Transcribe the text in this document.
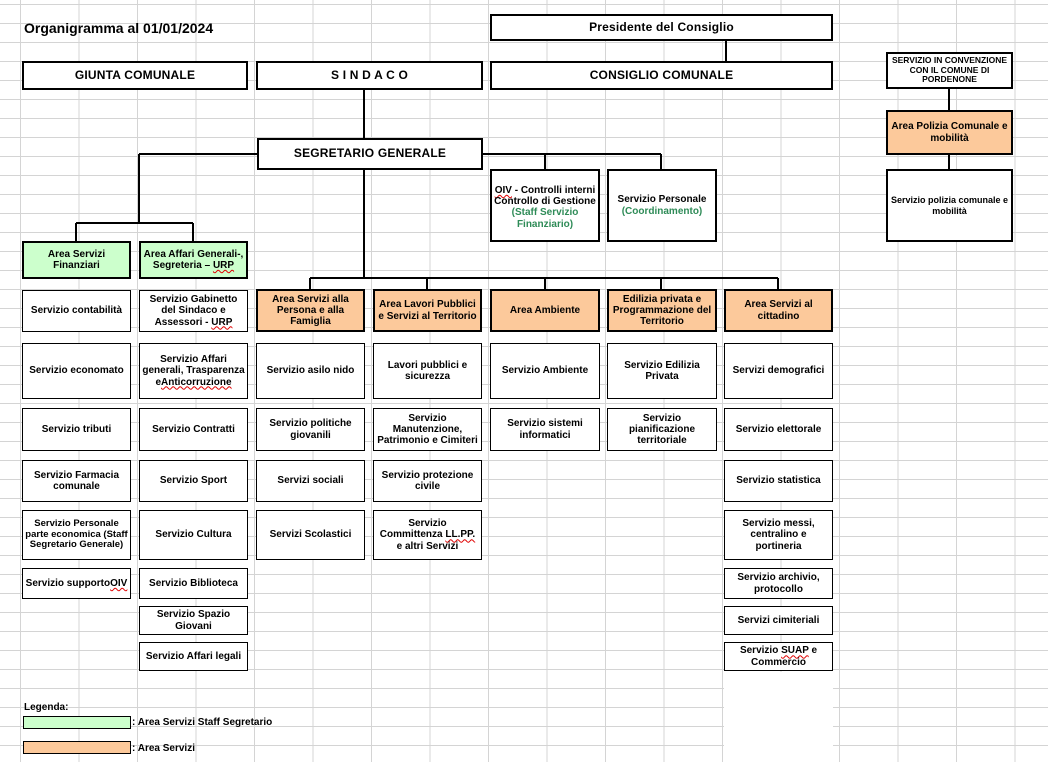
Organigramma al 01/01/2024	Presidente del Consiglio
GIUNTA COMUNALE	S I N D A C O	CONSIGLIO COMUNALE
SEGRETARIO GENERALE
SERVIZIO IN CONVENZIONE CON IL COMUNE DI PORDENONE
Area Polizia Comunale e mobilità
Servizio polizia comunale e mobilità
OIV - Controlli interni
Controllo di Gestione
(Staff Servizio Finanziario)
Servizio Personale (Coordinamento)
Area Servizi Finanziari
Servizio contabilità
Servizio economato
Servizio tributi
Servizio Farmacia comunale
Servizio Personale parte economica (Staff Segretario Generale)
Servizio supportoOIV
Area Affari Generali-, Segreteria – URP
Servizio Gabinetto del Sindaco e Assessori - URP
Servizio Affari generali, Trasparenza eAnticorruzione
Servizio Contratti
Servizio Sport
Servizio Cultura
Servizio Biblioteca
Servizio Spazio Giovani
Servizio Affari legali
Area Servizi alla Persona e alla Famiglia
Servizio asilo nido
Servizio politiche giovanili
Servizi sociali
Servizi Scolastici
Area Lavori Pubblici e Servizi al Territorio
Lavori pubblici e sicurezza
Servizio Manutenzione, Patrimonio e Cimiteri
Servizio protezione civile
Servizio Committenza LL.PP. e altri Servizi
Area Ambiente
Servizio Ambiente
Servizio sistemi informatici
Edilizia privata e Programmazione del Territorio
Servizio Edilizia Privata
Servizio pianificazione territoriale
Area Servizi al cittadino
Servizi demografici
Servizio elettorale
Servizio statistica
Servizio messi, centralino e portineria
Servizio archivio, protocollo
Servizi cimiteriali
Servizio SUAP e Commercio
Legenda:
: Area Servizi Staff Segretario
: Area Servizi
